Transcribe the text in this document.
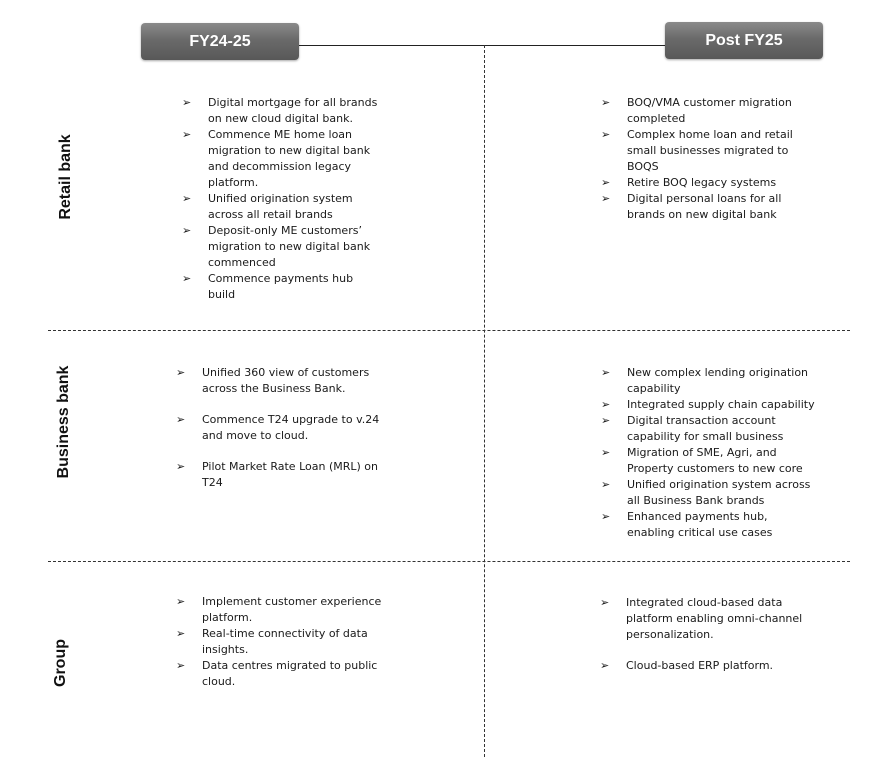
FY24-25	Post FY25
Retail bank
Business bank
Group
➢ Digital mortgage for all brands on new cloud digital bank.
➢ Commence ME home loan migration to new digital bank and decommission legacy platform.
➢ Unified origination system across all retail brands
➢ Deposit-only ME customers’ migration to new digital bank commenced
➢ Commence payments hub build
➢ BOQ/VMA customer migration completed
➢ Complex home loan and retail small businesses migrated to BOQS
➢ Retire BOQ legacy systems
➢ Digital personal loans for all brands on new digital bank
➢ Unified 360 view of customers across the Business Bank.
➢ Commence T24 upgrade to v.24 and move to cloud.
➢ Pilot Market Rate Loan (MRL) on T24
➢ New complex lending origination capability
➢ Integrated supply chain capability
➢ Digital transaction account capability for small business
➢ Migration of SME, Agri, and Property customers to new core
➢ Unified origination system across all Business Bank brands
➢ Enhanced payments hub, enabling critical use cases
➢ Implement customer experience platform.
➢ Real-time connectivity of data insights.
➢ Data centres migrated to public cloud.
➢ Integrated cloud-based data platform enabling omni-channel personalization.
➢ Cloud-based ERP platform.
